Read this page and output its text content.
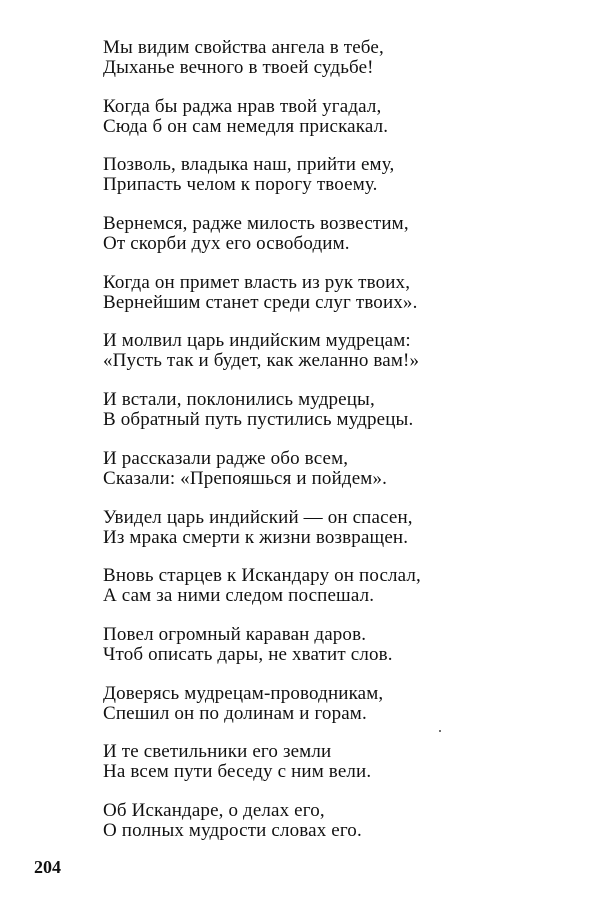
Мы видим свойства ангела в тебе,
Дыханье вечного в твоей судьбе!
Когда бы раджа нрав твой угадал,
Сюда б он сам немедля прискакал.
Позволь, владыка наш, прийти ему,
Припасть челом к порогу твоему.
Вернемся, радже милость возвестим,
От скорби дух его освободим.
Когда он примет власть из рук твоих,
Вернейшим станет среди слуг твоих».
И молвил царь индийским мудрецам:
«Пусть так и будет, как желанно вам!»
И встали, поклонились мудрецы,
В обратный путь пустились мудрецы.
И рассказали радже обо всем,
Сказали: «Препояшься и пойдем».
Увидел царь индийский — он спасен,
Из мрака смерти к жизни возвращен.
Вновь старцев к Искандару он послал,
А сам за ними следом поспешал.
Повел огромный караван даров.
Чтоб описать дары, не хватит слов.
Доверясь мудрецам-проводникам,
Спешил он по долинам и горам.
И те светильники его земли
На всем пути беседу с ним вели.
Об Искандаре, о делах его,
О полных мудрости словах его.
204
